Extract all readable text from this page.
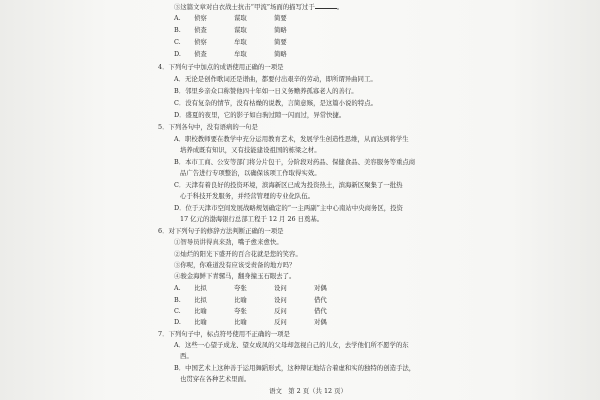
③这篇文章对白衣战士抗击“甲流”场面的描写过于	。
A. 侦察	谋取	简要
B. 侦查	谋取	简略
C. 侦察	牟取	简要
D. 侦查	牟取	简略
4．下列句子中加点的成语使用正确的一项是
A．无论是创作歌词还是谱曲，都要付出艰辛的劳动，即所谓异曲同工。
B．邻里乡亲众口称赞他四十年如一日义务赡养孤寡老人的善行。
C．没有复杂的情节，没有枯燥的说教，言简意赅，是这篇小说的特点。
D．盛夏的夜里，它的影子如白驹过隙一闪而过，异常快捷。
5．下列各句中，没有语病的一句是
A．职校教师要在教学中充分运用教育艺术，发展学生创造性思维，从而达到将学生
培养成既有知识，又有技能建设祖国的栋梁之材。
B．本市工商、公安等部门将分片包干，分阶段对药品、保健食品、美容服务等重点商
品广告进行专项整治，以确保该项工作取得实效。
C．天津有着良好的投资环境，滨海新区已成为投资热土，滨海新区聚集了一批热
心于科技开发服务，并经营管理的专业化队伍。
D．位于天津市空间发展战略规划确定的“一主两副”主中心南站中央商务区，投资
17 亿元的渤海银行总部工程于 12 月 26 日奠基。
6．对下列句子的修辞方法判断正确的一项是
①智导员讲得真来劲，嘴子愈来愈快。
②灿烂的阳光下盛开的百合花就是您的笑容。
③你呢，你难道没有应该受责备的地方吗？
④骏金海鲜下青骡马，翻身撞玉石眼去了。
A. 比拟	夸张	设问	对偶
B. 比拟	比喻	设问	借代
C. 比喻	夸张	反问	借代
D. 比喻	比喻	反问	对偶
7．下列句子中，标点符号使用不正确的一项是
A．这些一心望子成龙、望女成凤的父母却忽视自己的儿女，去学他们所不愿学的东
西。
B．中国艺术上这种善于运用舞蹈形式，这种辩证地结合着虚和实的独特的创造手法，
也贯穿在各种艺术里面。
语文　第 2 页（共 12 页）
